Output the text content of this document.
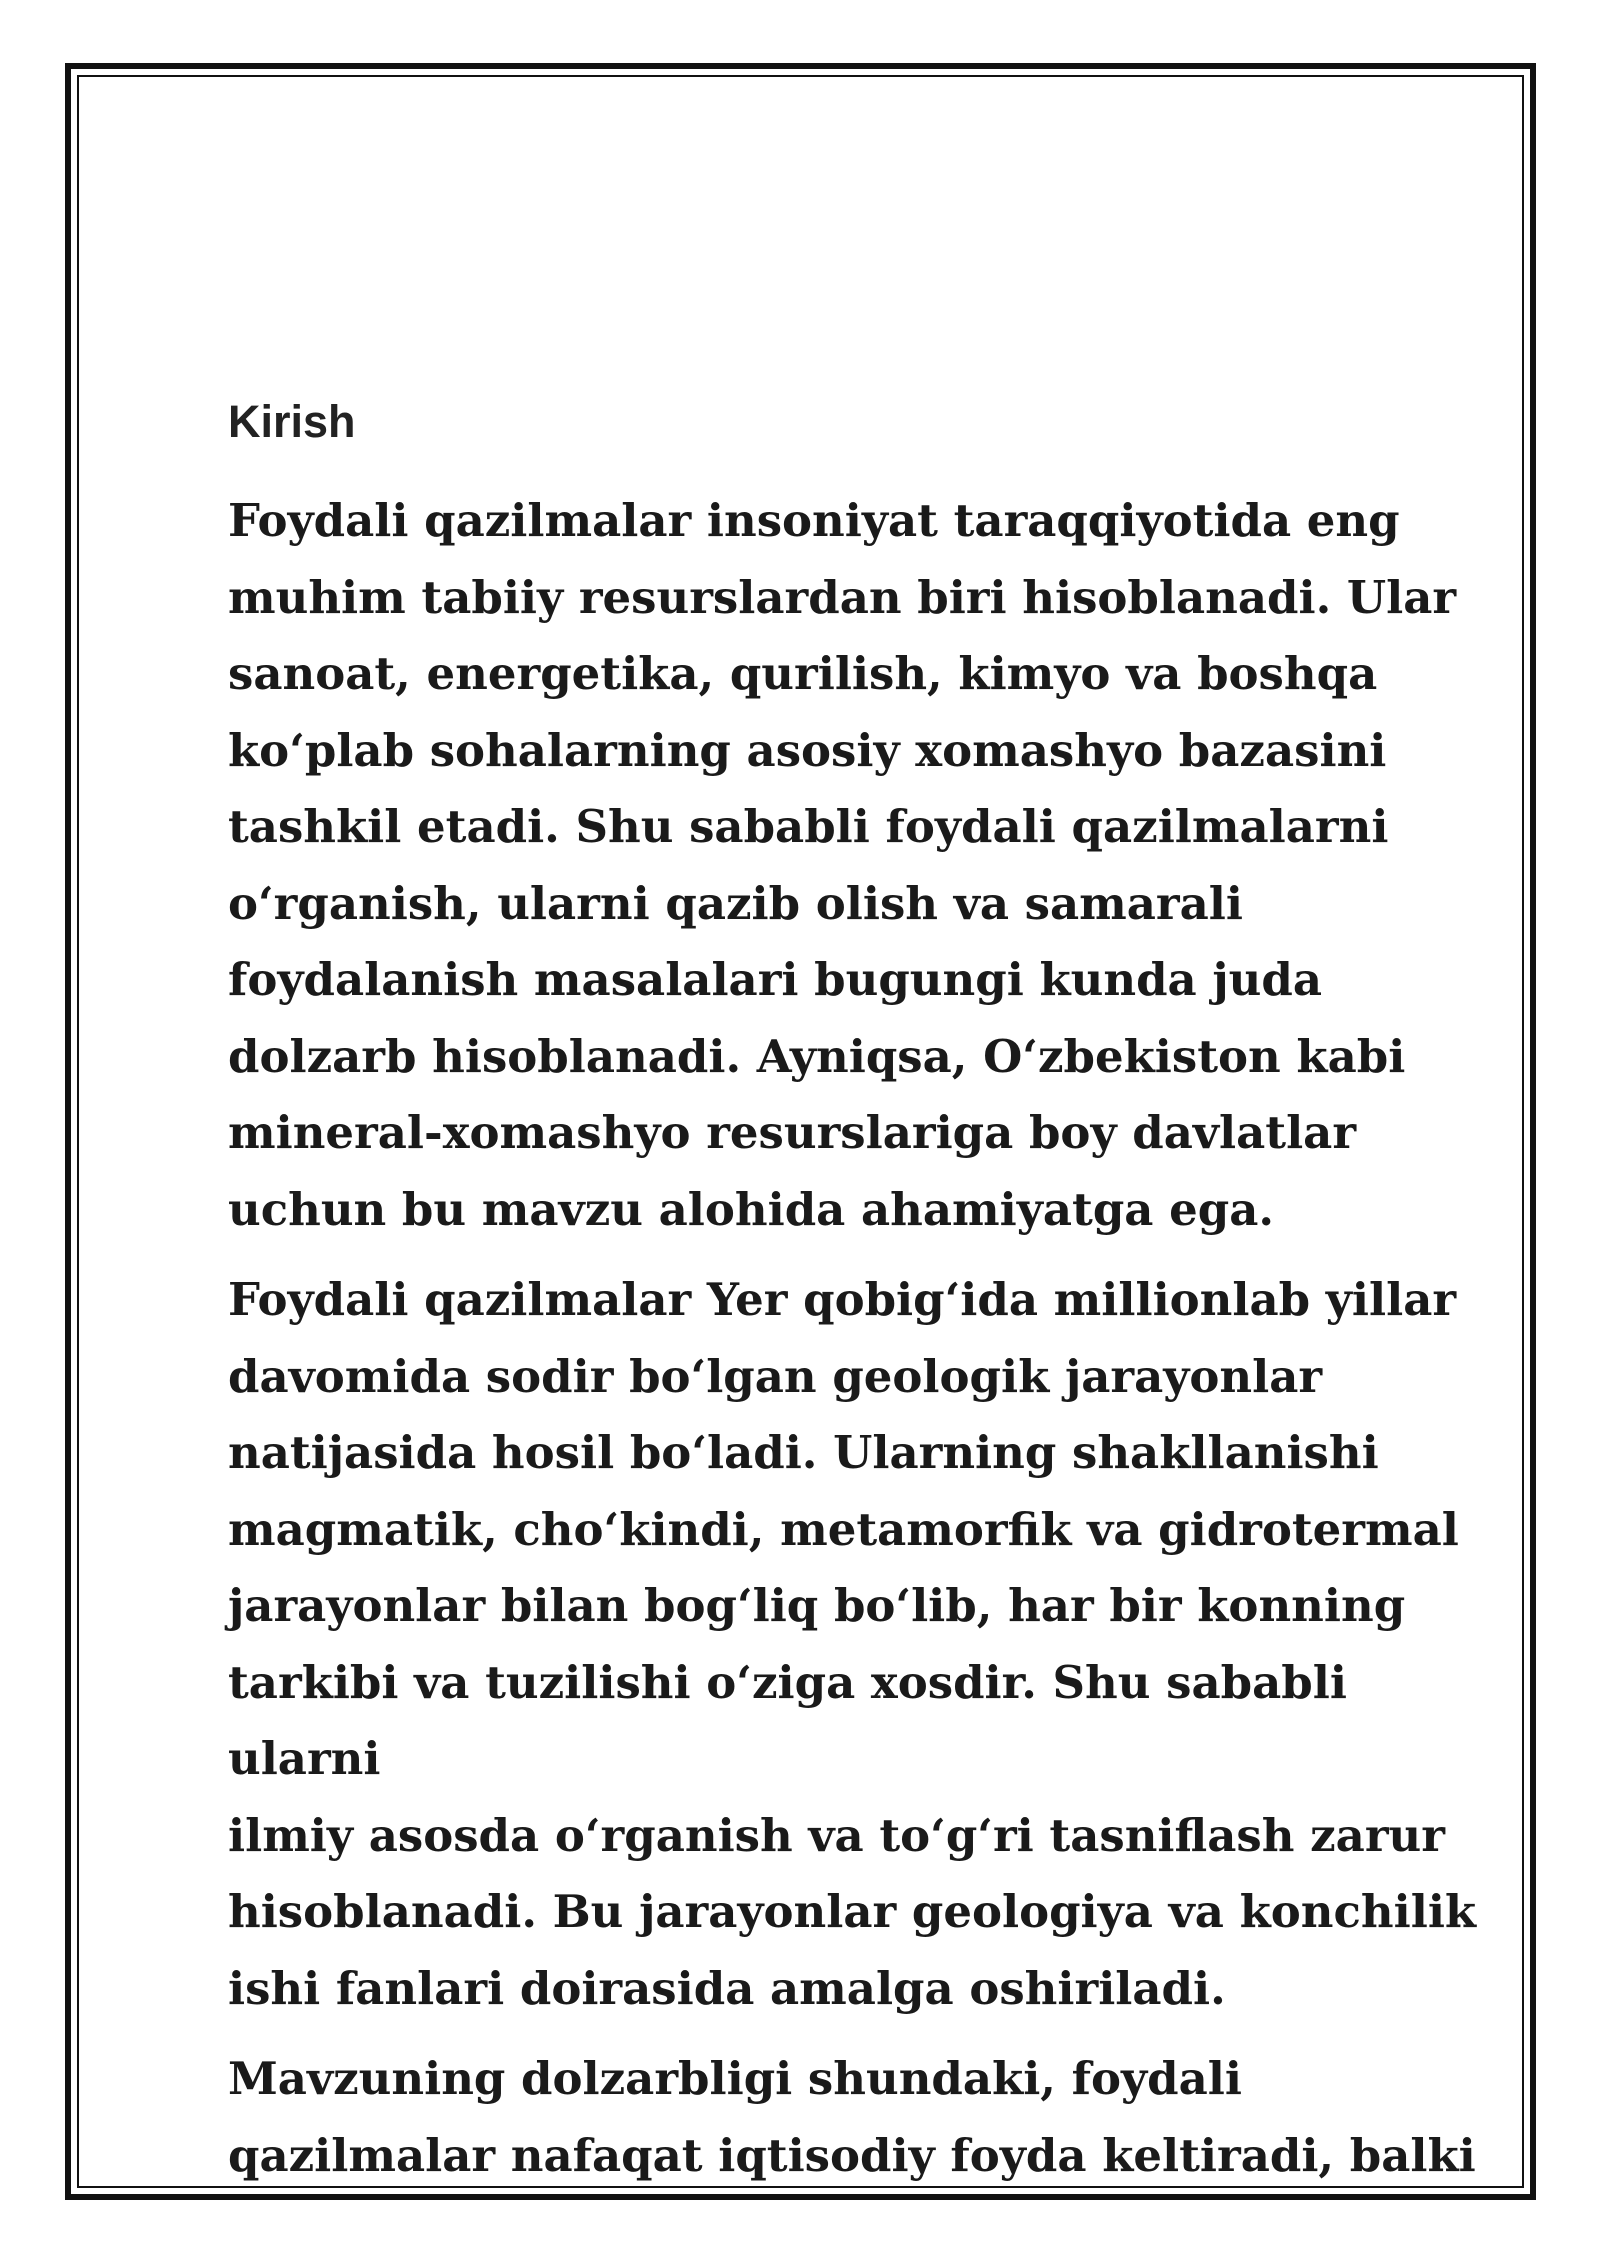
Kirish

Foydali qazilmalar insoniyat taraqqiyotida eng
muhim tabiiy resurslardan biri hisoblanadi. Ular
sanoat, energetika, qurilish, kimyo va boshqa
ko‘plab sohalarning asosiy xomashyo bazasini
tashkil etadi. Shu sababli foydali qazilmalarni
o‘rganish, ularni qazib olish va samarali
foydalanish masalalari bugungi kunda juda
dolzarb hisoblanadi. Ayniqsa, O‘zbekiston kabi
mineral-xomashyo resurslariga boy davlatlar
uchun bu mavzu alohida ahamiyatga ega.

Foydali qazilmalar Yer qobig‘ida millionlab yillar
davomida sodir bo‘lgan geologik jarayonlar
natijasida hosil bo‘ladi. Ularning shakllanishi
magmatik, cho‘kindi, metamorfik va gidrotermal
jarayonlar bilan bog‘liq bo‘lib, har bir konning
tarkibi va tuzilishi o‘ziga xosdir. Shu sababli ularni
ilmiy asosda o‘rganish va to‘g‘ri tasniflash zarur
hisoblanadi. Bu jarayonlar geologiya va konchilik
ishi fanlari doirasida amalga oshiriladi.

Mavzuning dolzarbligi shundaki, foydali
qazilmalar nafaqat iqtisodiy foyda keltiradi, balki
